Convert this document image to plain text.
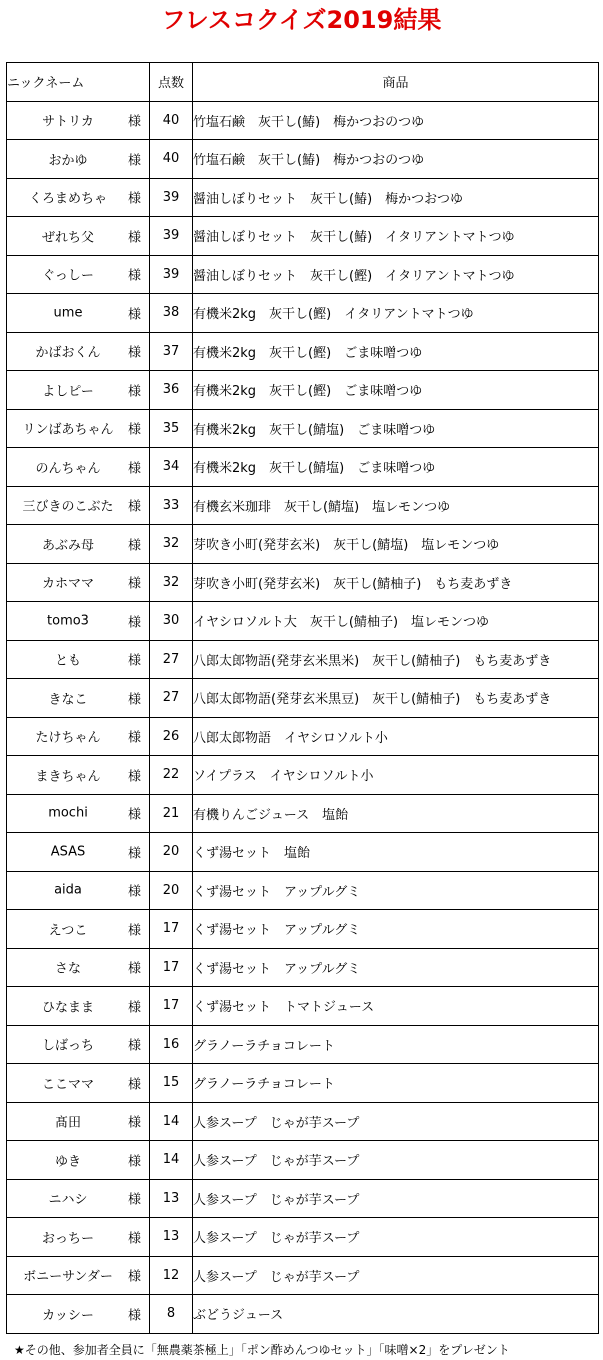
フレスコクイズ2019結果
ニックネーム	点数	商品

サトリカ 様	40	竹塩石鹸　灰干し(鰆)　梅かつおのつゆ

おかゆ 様	40	竹塩石鹸　灰干し(鰆)　梅かつおのつゆ

くろまめちゃ 様	39	醤油しぼりセット　灰干し(鰆)　梅かつおつゆ

ぜれち父 様	39	醤油しぼりセット　灰干し(鰆)　イタリアントマトつゆ

ぐっしー 様	39	醤油しぼりセット　灰干し(鰹)　イタリアントマトつゆ

ume 様	38	有機米2kg　灰干し(鰹)　イタリアントマトつゆ

かばおくん 様	37	有機米2kg　灰干し(鰹)　ごま味噌つゆ

よしピー 様	36	有機米2kg　灰干し(鰹)　ごま味噌つゆ

リンばあちゃん 様	35	有機米2kg　灰干し(鯖塩)　ごま味噌つゆ

のんちゃん 様	34	有機米2kg　灰干し(鯖塩)　ごま味噌つゆ

三びきのこぶた 様	33	有機玄米珈琲　灰干し(鯖塩)　塩レモンつゆ

あぶみ母 様	32	芽吹き小町(発芽玄米)　灰干し(鯖塩)　塩レモンつゆ

カホママ 様	32	芽吹き小町(発芽玄米)　灰干し(鯖柚子)　もち麦あずき

tomo3 様	30	イヤシロソルト大　灰干し(鯖柚子)　塩レモンつゆ

とも 様	27	八郎太郎物語(発芽玄米黒米)　灰干し(鯖柚子)　もち麦あずき

きなこ 様	27	八郎太郎物語(発芽玄米黒豆)　灰干し(鯖柚子)　もち麦あずき

たけちゃん 様	26	八郎太郎物語　イヤシロソルト小

まきちゃん 様	22	ソイプラス　イヤシロソルト小

mochi 様	21	有機りんごジュース　塩飴

ASAS 様	20	くず湯セット　塩飴

aida 様	20	くず湯セット　アップルグミ

えつこ 様	17	くず湯セット　アップルグミ

さな 様	17	くず湯セット　アップルグミ

ひなまま 様	17	くず湯セット　トマトジュース

しばっち 様	16	グラノーラチョコレート

ここママ 様	15	グラノーラチョコレート

髙田 様	14	人参スープ　じゃが芋スープ

ゆき 様	14	人参スープ　じゃが芋スープ

ニハシ 様	13	人参スープ　じゃが芋スープ

おっちー 様	13	人参スープ　じゃが芋スープ

ボニーサンダー 様	12	人参スープ　じゃが芋スープ

カッシー 様	8	ぶどうジュース
★その他、参加者全員に「無農薬茶極上」「ポン酢めんつゆセット」「味噌×2」をプレゼント
